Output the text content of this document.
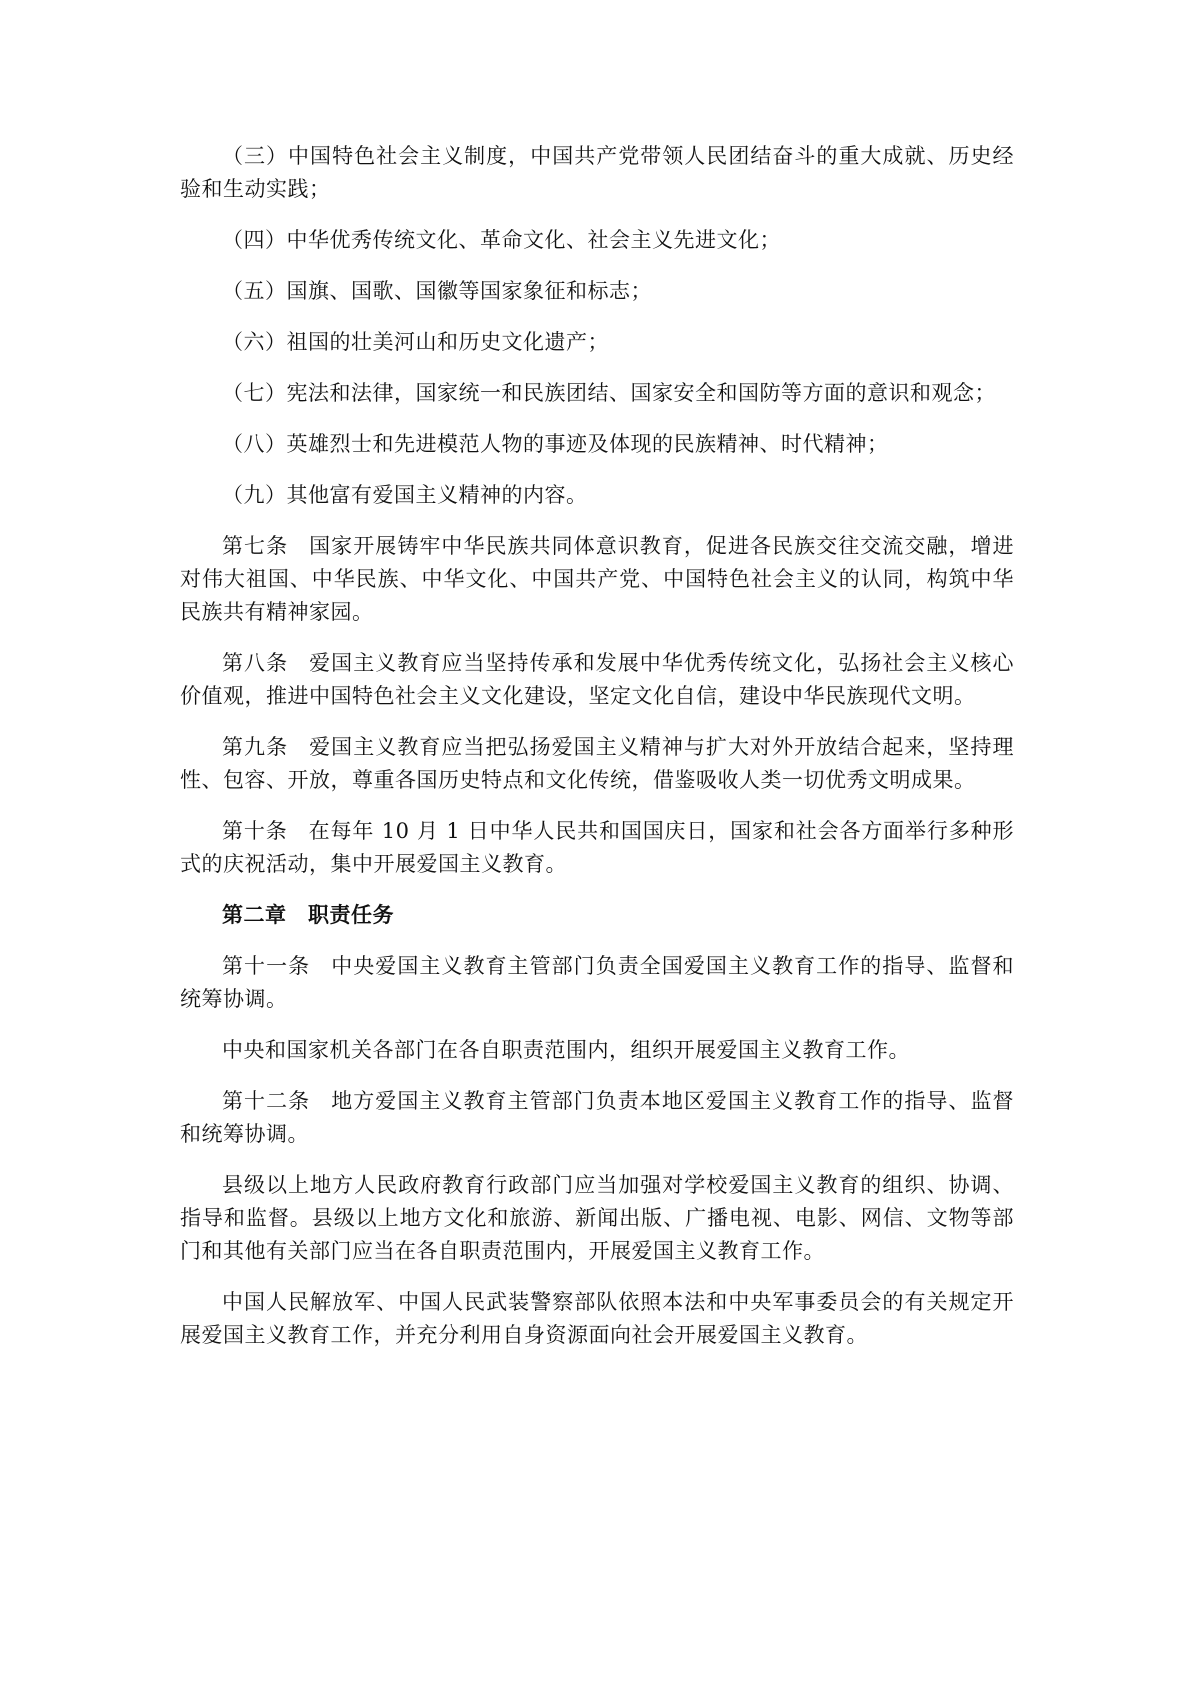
（三）中国特色社会主义制度，中国共产党带领人民团结奋斗的重大成就、历史经验和生动实践；

（四）中华优秀传统文化、革命文化、社会主义先进文化；

（五）国旗、国歌、国徽等国家象征和标志；

（六）祖国的壮美河山和历史文化遗产；

（七）宪法和法律，国家统一和民族团结、国家安全和国防等方面的意识和观念；

（八）英雄烈士和先进模范人物的事迹及体现的民族精神、时代精神；

（九）其他富有爱国主义精神的内容。

第七条 国家开展铸牢中华民族共同体意识教育，促进各民族交往交流交融，增进对伟大祖国、中华民族、中华文化、中国共产党、中国特色社会主义的认同，构筑中华民族共有精神家园。

第八条 爱国主义教育应当坚持传承和发展中华优秀传统文化，弘扬社会主义核心价值观，推进中国特色社会主义文化建设，坚定文化自信，建设中华民族现代文明。

第九条 爱国主义教育应当把弘扬爱国主义精神与扩大对外开放结合起来，坚持理性、包容、开放，尊重各国历史特点和文化传统，借鉴吸收人类一切优秀文明成果。

第十条 在每年 10 月 1 日中华人民共和国国庆日，国家和社会各方面举行多种形式的庆祝活动，集中开展爱国主义教育。

第二章　职责任务

第十一条 中央爱国主义教育主管部门负责全国爱国主义教育工作的指导、监督和统筹协调。

中央和国家机关各部门在各自职责范围内，组织开展爱国主义教育工作。

第十二条 地方爱国主义教育主管部门负责本地区爱国主义教育工作的指导、监督和统筹协调。

县级以上地方人民政府教育行政部门应当加强对学校爱国主义教育的组织、协调、指导和监督。县级以上地方文化和旅游、新闻出版、广播电视、电影、网信、文物等部门和其他有关部门应当在各自职责范围内，开展爱国主义教育工作。

中国人民解放军、中国人民武装警察部队依照本法和中央军事委员会的有关规定开展爱国主义教育工作，并充分利用自身资源面向社会开展爱国主义教育。
